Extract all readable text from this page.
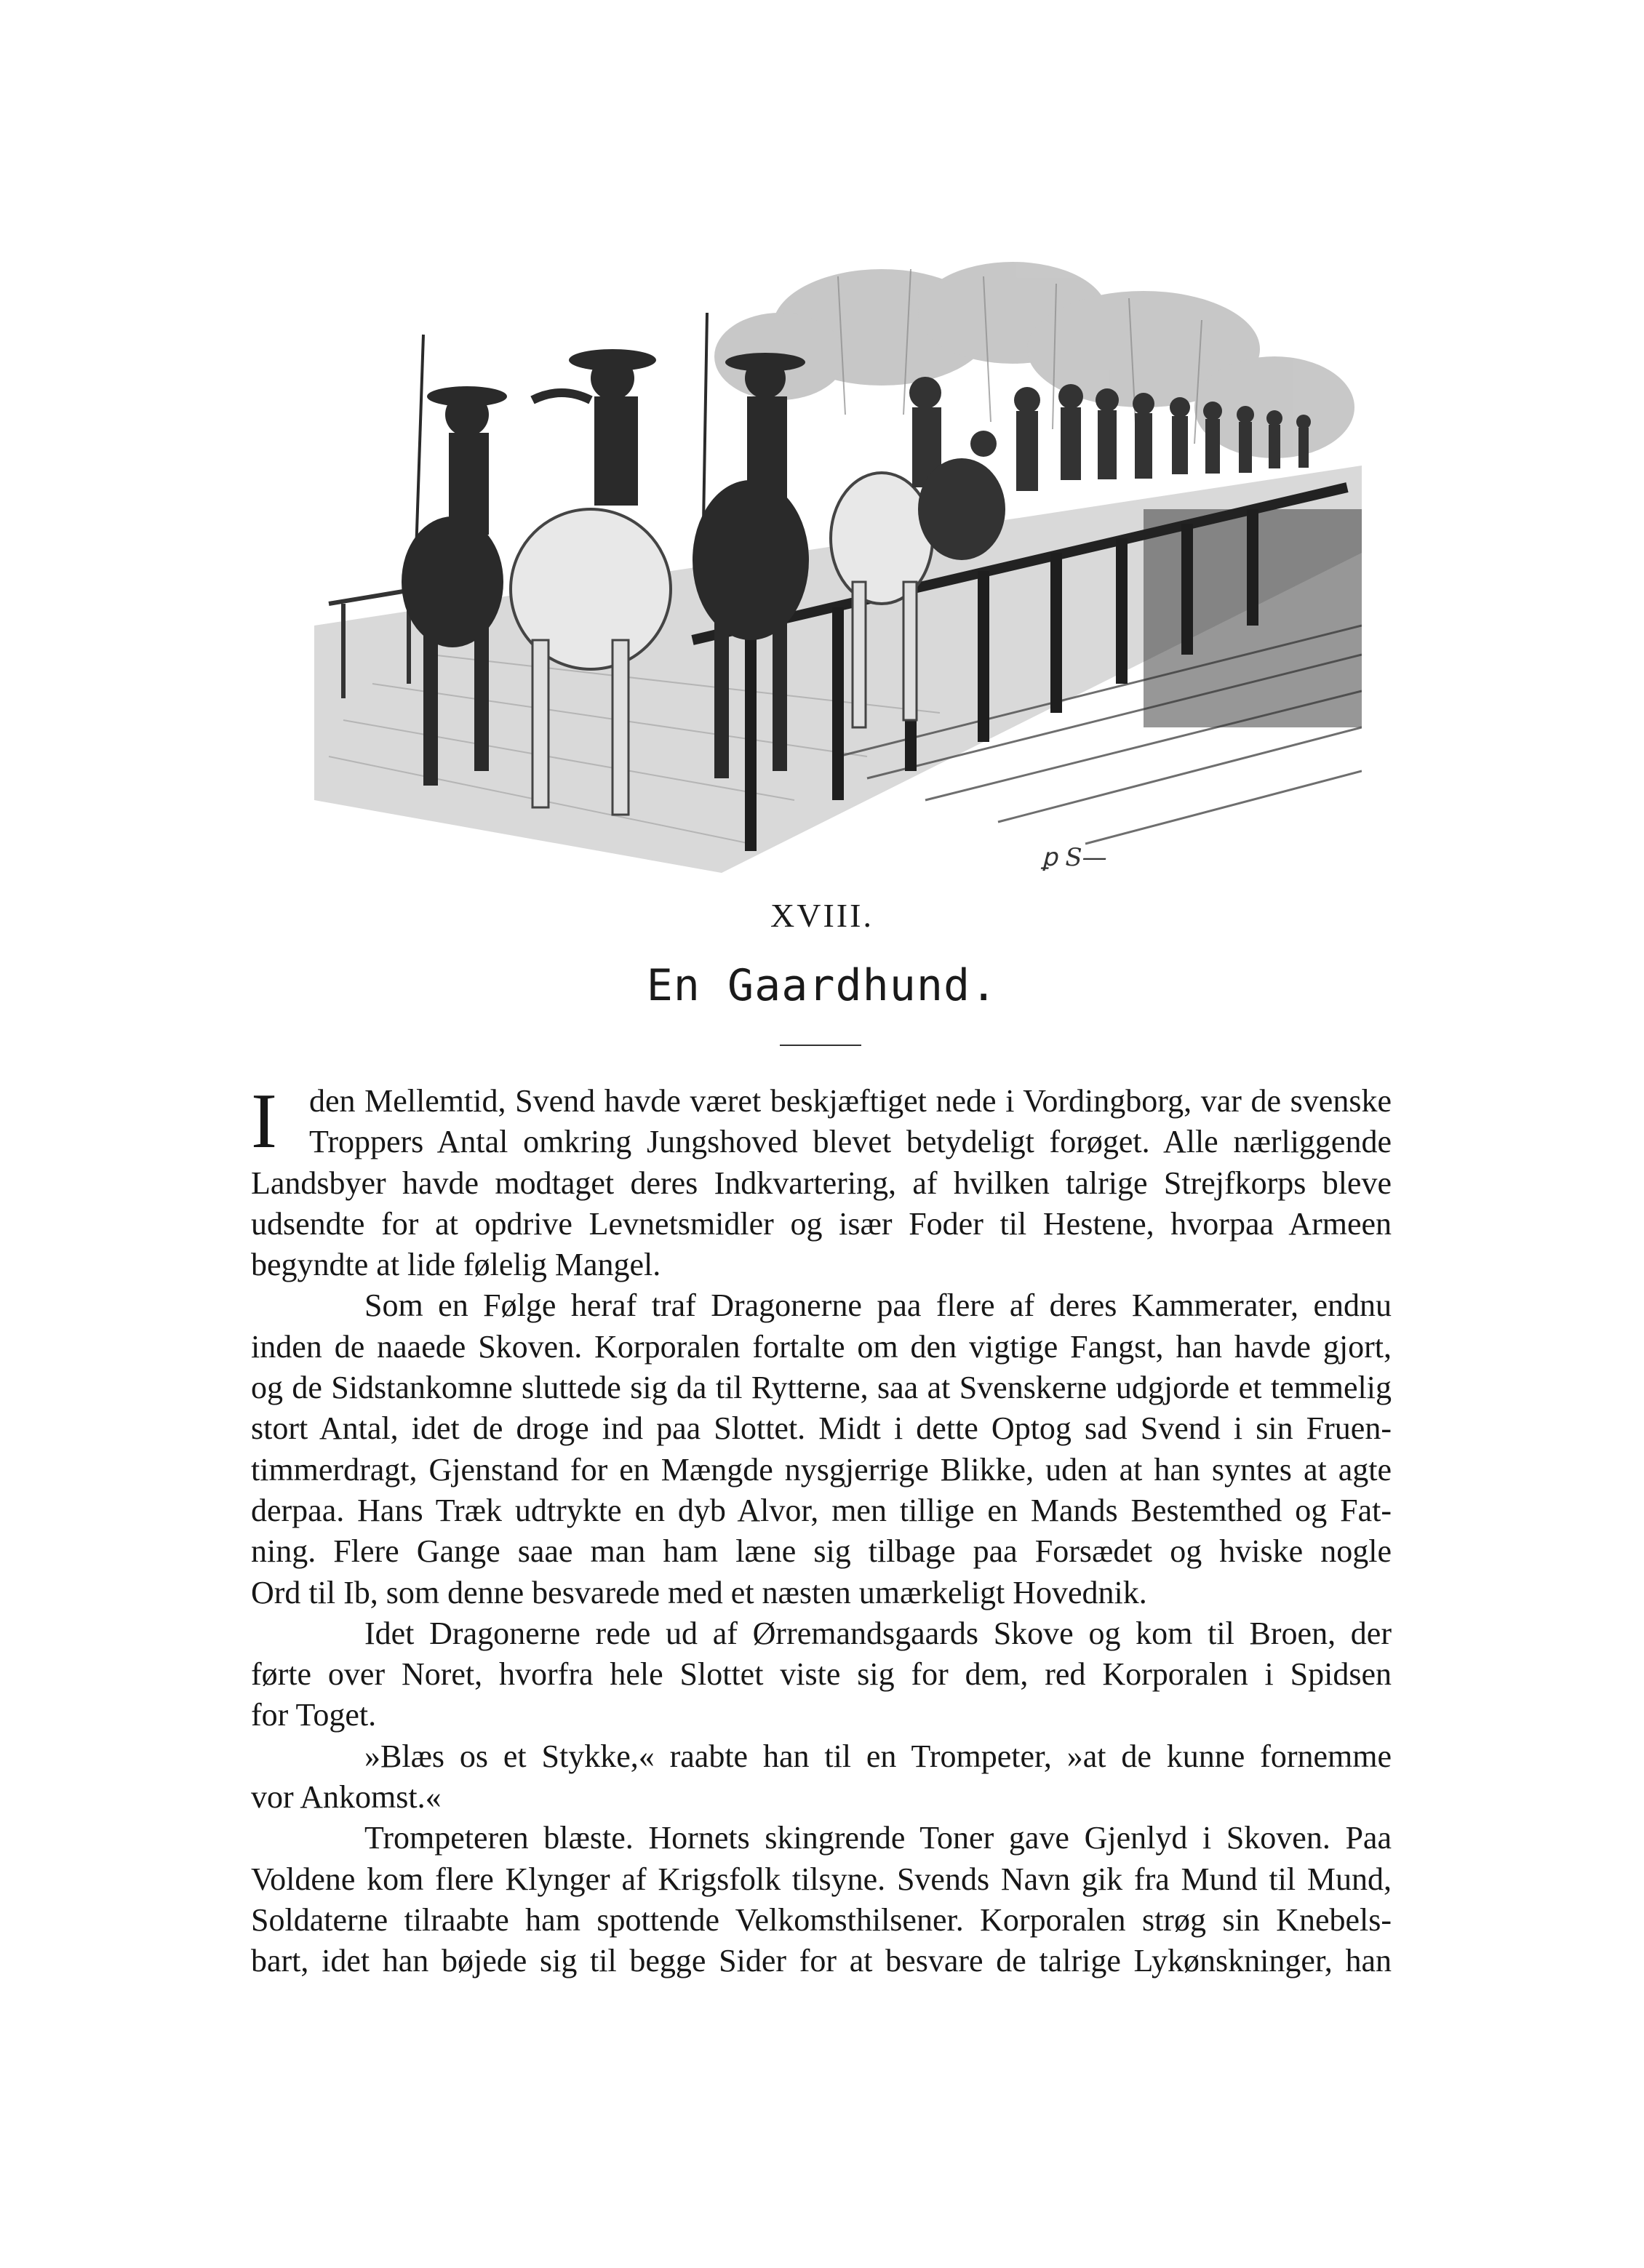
ꝑ S—
XVIII.
En Gaardhund.

I	den Mellemtid, Svend havde været beskjæftiget nede i Vordingborg, var de svenske
Troppers Antal omkring Jungshoved blevet betydeligt forøget. Alle nærliggende
Landsbyer havde modtaget deres Indkvartering, af hvilken talrige Strejfkorps bleve
udsendte for at opdrive Levnetsmidler og især Foder til Hestene, hvorpaa Armeen
begyndte at lide følelig Mangel.

Som en Følge heraf traf Dragonerne paa flere af deres Kammerater, endnu
inden de naaede Skoven. Korporalen fortalte om den vigtige Fangst, han havde gjort,
og de Sidstankomne sluttede sig da til Rytterne, saa at Svenskerne udgjorde et temmelig
stort Antal, idet de droge ind paa Slottet. Midt i dette Optog sad Svend i sin Fruen-
timmerdragt, Gjenstand for en Mængde nysgjerrige Blikke, uden at han syntes at agte
derpaa. Hans Træk udtrykte en dyb Alvor, men tillige en Mands Bestemthed og Fat-
ning. Flere Gange saae man ham læne sig tilbage paa Forsædet og hviske nogle
Ord til Ib, som denne besvarede med et næsten umærkeligt Hovednik.

Idet Dragonerne rede ud af Ørremandsgaards Skove og kom til Broen, der
førte over Noret, hvorfra hele Slottet viste sig for dem, red Korporalen i Spidsen
for Toget.

»Blæs os et Stykke,« raabte han til en Trompeter, »at de kunne fornemme
vor Ankomst.«

Trompeteren blæste. Hornets skingrende Toner gave Gjenlyd i Skoven. Paa
Voldene kom flere Klynger af Krigsfolk tilsyne. Svends Navn gik fra Mund til Mund,
Soldaterne tilraabte ham spottende Velkomsthilsener. Korporalen strøg sin Knebels-
bart, idet han bøjede sig til begge Sider for at besvare de talrige Lykønskninger, han
